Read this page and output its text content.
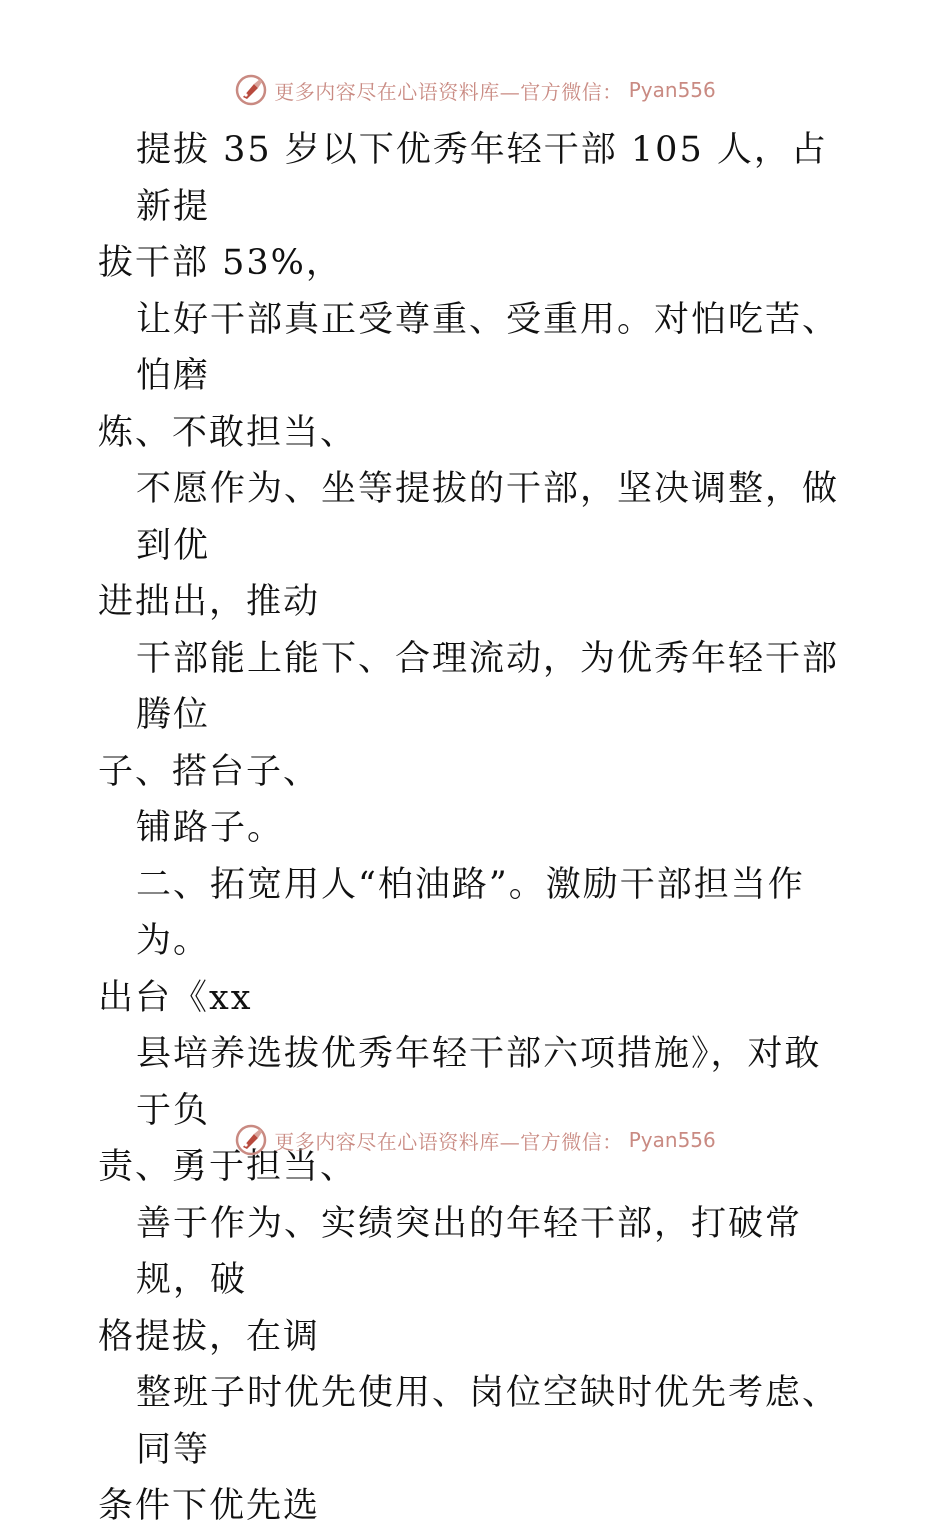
更多内容尽在心语资料库—官方微信： Pyan556
提拔 35 岁以下优秀年轻干部 105 人，占新提
拔干部 53%，
让好干部真正受尊重、受重用。对怕吃苦、怕磨
炼、不敢担当、
不愿作为、坐等提拔的干部，坚决调整，做到优
进拙出，推动
干部能上能下、合理流动，为优秀年轻干部腾位
子、搭台子、
铺路子。
二、拓宽用人“柏油路”。激励干部担当作为。
出台《xx
县培养选拔优秀年轻干部六项措施》，对敢于负
责、勇于担当、
善于作为、实绩突出的年轻干部，打破常规，破
格提拔，在调
整班子时优先使用、岗位空缺时优先考虑、同等
条件下优先选
更多内容尽在心语资料库—官方微信： Pyan556
